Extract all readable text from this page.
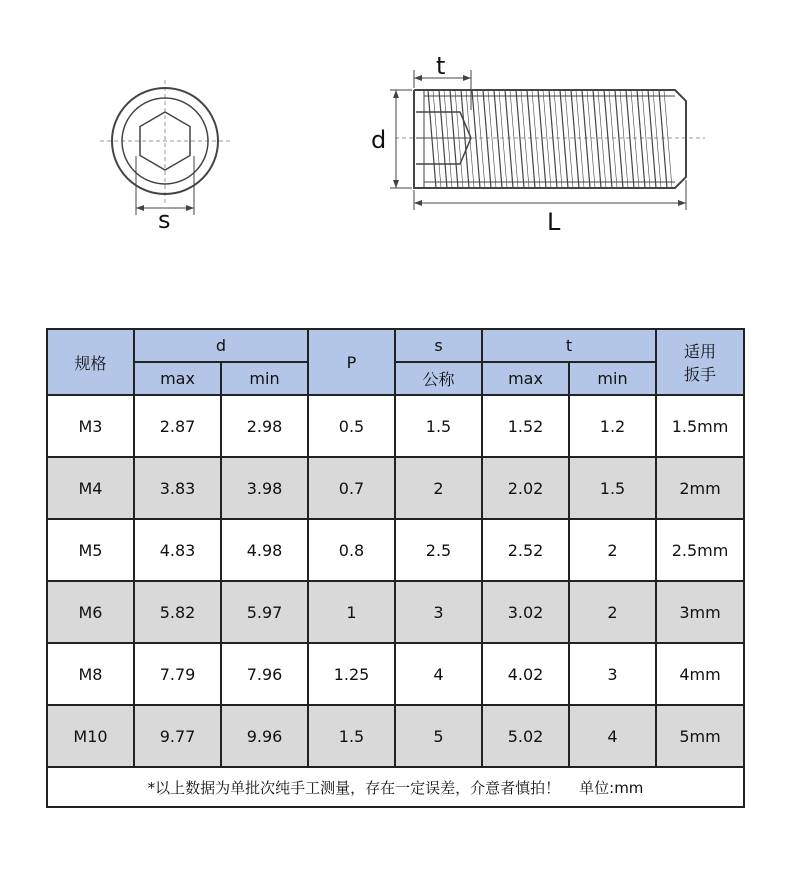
s
t
d
L
规格	d		P	s	t		适用
扳手
	max	min		公称	max	min	
M3	2.87	2.98	0.5	1.5	1.52	1.2	1.5mm
M4	3.83	3.98	0.7	2	2.02	1.5	2mm
M5	4.83	4.98	0.8	2.5	2.52	2	2.5mm
M6	5.82	5.97	1	3	3.02	2	3mm
M8	7.79	7.96	1.25	4	4.02	3	4mm
M10	9.77	9.96	1.5	5	5.02	4	5mm
*以上数据为单批次纯手工测量，存在一定误差，介意者慎拍！    单位:mm							
